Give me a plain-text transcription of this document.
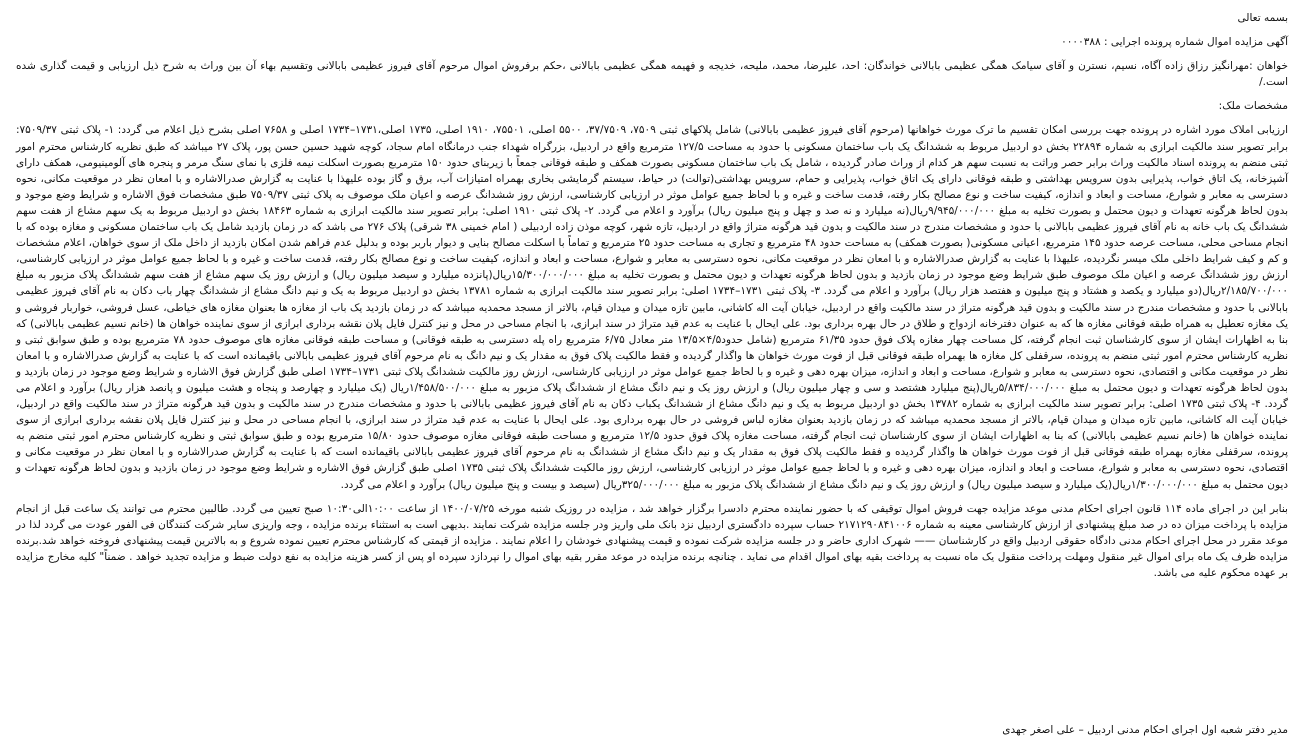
بسمه تعالی
آگهی مزایده اموال شماره پرونده اجرایی : ۰۰۰۰۳۸۸

خواهان :مهرانگیز رزاق زاده آگاه، نسیم، نسترن و آقای سیامک همگی عظیمی بابالانی خواندگان: احد، علیرضا، محمد، ملیحه، خدیجه و فهیمه همگی عظیمی بابالانی ،حکم برفروش اموال مرحوم آقای فیروز عظیمی بابالانی وتقسیم بهاء آن بین وراث به شرح ذیل ارزیابی و قیمت گذاری شده است./

مشخصات ملک:

ارزیابی املاک مورد اشاره در پرونده جهت بررسی امکان تقسیم ما ترک مورث خواهانها (مرحوم آقای فیروز عظیمی بابالانی) شامل پلاکهای ثبتی ۷۵۰۹، ۳۷/۷۵۰۹، ۵۵۰۰ اصلی، ۷۵۵۰۱، ۱۹۱۰ اصلی، ۱۷۳۵ اصلی،۱۷۳۱–۱۷۳۴ اصلی و ۷۶۵۸ اصلی بشرح ذیل اعلام می گردد: ۱- پلاک ثبتی ۷۵۰۹/۳۷: برابر تصویر سند مالکیت ابرازی به شماره ۲۲۸۹۴ بخش دو اردبیل مربوط به ششدانگ یک باب ساختمان مسکونی با حدود به مساحت ۱۲۷/۵ مترمربع واقع در اردبیل، بزرگراه شهداء جنب درمانگاه امام سجاد، کوچه شهید حسین حسن پور، پلاک ۲۷ میباشد که طبق نظریه کارشناس محترم امور ثبتی منضم به پرونده اسناد مالکیت وراث برابر حصر وراثت به نسبت سهم هر کدام از وراث صادر گردیده ، شامل یک باب ساختمان مسکونی بصورت همکف و طبقه فوقانی جمعاً با زیربنای حدود ۱۵۰ مترمربع بصورت اسکلت نیمه فلزی با نمای سنگ مرمر و پنجره های آلومینیومی، همکف دارای آشپزخانه، یک اتاق خواب، پذیرایی بدون سرویس بهداشتی و طبقه فوقانی دارای یک اتاق خواب، پذیرایی و حمام، سرویس بهداشتی(توالت) در حیاط، سیستم گرمایشی بخاری بهمراه امتیازات آب، برق و گاز بوده علیهذا با عنایت به گزارش صدرالاشاره و با امعان نظر در موقعیت مکانی، نحوه دسترسی به معابر و شوارع، مساحت و ابعاد و اندازه، کیفیت ساخت و نوع مصالح بکار رفته، قدمت ساخت و غیره و با لحاظ جمیع عوامل موثر در ارزیابی کارشناسی، ارزش روز ششدانگ عرصه و اعیان ملک موصوف به پلاک ثبتی ۷۵۰۹/۳۷ طبق مشخصات فوق الاشاره و شرایط وضع موجود و بدون لحاظ هرگونه تعهدات و دیون محتمل و بصورت تخلیه به مبلغ ۹/۹۴۵/۰۰۰/۰۰۰ریال(نه میلیارد و نه صد و چهل و پنج میلیون ریال) برآورد و اعلام می گردد. ۲- پلاک ثبتی ۱۹۱۰ اصلی: برابر تصویر سند مالکیت ابرازی به شماره ۱۸۴۶۳ بخش دو اردبیل مربوط به یک سهم مشاع از هفت سهم ششدانگ یک باب خانه به نام آقای فیروز عظیمی بابالانی با حدود و مشخصات مندرج در سند مالکیت و بدون قید هرگونه متراژ واقع در اردبیل، تازه شهر، کوچه موذن زاده اردبیلی ( امام خمینی ۳۸ شرقی) پلاک ۲۷۶ می باشد که در زمان بازدید شامل یک باب ساختمان مسکونی و مغازه بوده که با انجام مساحی محلی، مساحت عرصه حدود ۱۴۵ مترمربع، اعیانی مسکونی( بصورت همکف) به مساحت حدود ۴۸ مترمربع و تجاری به مساحت حدود ۲۵ مترمربع و تماماً با اسکلت مصالح بنایی و دیوار باربر بوده و بدلیل عدم فراهم شدن امکان بازدید از داخل ملک از سوی خواهان، اعلام مشخصات و کم و کیف شرایط داخلی ملک میسر نگردیده، علیهذا با عنایت به گزارش صدرالاشاره و با امعان نظر در موقعیت مکانی، نحوه دسترسی به معابر و شوارع، مساحت و ابعاد و اندازه، کیفیت ساخت و نوع مصالح بکار رفته، قدمت ساخت و غیره و با لحاظ جمیع عوامل موثر در ارزیابی کارشناسی، ارزش روز ششدانگ عرصه و اعیان ملک موصوف طبق شرایط وضع موجود در زمان بازدید و بدون لحاظ هرگونه تعهدات و دیون محتمل و بصورت تخلیه به مبلغ ۱۵/۳۰۰/۰۰۰/۰۰۰ریال(پانزده میلیارد و سیصد میلیون ریال) و ارزش روز یک سهم مشاع از هفت سهم ششدانگ پلاک مزبور به مبلغ ۲/۱۸۵/۷۰۰/۰۰۰ریال(دو میلیارد و یکصد و هشتاد و پنج میلیون و هفتصد هزار ریال) برآورد و اعلام می گردد. ۳- پلاک ثبتی ۱۷۳۱–۱۷۳۴ اصلی: برابر تصویر سند مالکیت ابرازی به شماره ۱۳۷۸۱ بخش دو اردبیل مربوط به یک و نیم دانگ مشاع از ششدانگ چهار باب دکان به نام آقای فیروز عظیمی بابالانی با حدود و مشخصات مندرج در سند مالکیت و بدون قید هرگونه متراژ در سند مالکیت واقع در اردبیل، خیابان آیت اله کاشانی، مابین تازه میدان و میدان قیام، بالاتر از مسجد محمدیه میباشد که در زمان بازدید یک باب از مغازه ها بعنوان مغازه های خیاطی، عسل فروشی، خواربار فروشی و یک مغازه تعطیل به همراه طبقه فوقانی مغازه ها که به عنوان دفترخانه ازدواج و طلاق در حال بهره برداری بود. علی ایحال با عنایت به عدم قید متراژ در سند ابرازی، با انجام مساحی در محل و نیز کنترل فایل پلان نقشه برداری ابرازی از سوی نماینده خواهان ها (خانم نسیم عظیمی بابالانی) که بنا به اظهارات ایشان از سوی کارشناسان ثبت انجام گرفته، کل مساحت چهار مغازه پلاک فوق حدود ۶۱/۳۵ مترمربع (شامل حدود۴/۵×۱۳/۵ متر معادل ۶/۷۵ مترمربع راه پله دسترسی به طبقه فوقانی) و مساحت طبقه فوقانی مغازه های موصوف حدود ۷۸ مترمربع بوده و طبق سوابق ثبتی و نظریه کارشناس محترم امور ثبتی منضم به پرونده، سرقفلی کل مغازه ها بهمراه طبقه فوقانی قبل از فوت مورث خواهان ها واگذار گردیده و فقط مالکیت پلاک فوق به مقدار یک و نیم دانگ به نام مرحوم آقای فیروز عظیمی بابالانی باقیمانده است که با عنایت به گزارش صدرالاشاره و با امعان نظر در موقعیت مکانی و اقتصادی، نحوه دسترسی به معابر و شوارع، مساحت و ابعاد و اندازه، میزان بهره دهی و غیره و با لحاظ جمیع عوامل موثر در ارزیابی کارشناسی، ارزش روز مالکیت ششدانگ پلاک ثبتی ۱۷۳۱–۱۷۳۴ اصلی طبق گزارش فوق الاشاره و شرایط وضع موجود در زمان بازدید و بدون لحاظ هرگونه تعهدات و دیون محتمل به مبلغ ۵/۸۳۴/۰۰۰/۰۰۰ریال(پنج میلیارد هشتصد و سی و چهار میلیون ریال) و ارزش روز یک و نیم دانگ مشاع از ششدانگ پلاک مزبور به مبلغ ۱/۴۵۸/۵۰۰/۰۰۰ریال (یک میلیارد و چهارصد و پنجاه و هشت میلیون و پانصد هزار ریال) برآورد و اعلام می گردد. ۴- پلاک ثبتی ۱۷۳۵ اصلی: برابر تصویر سند مالکیت ابرازی به شماره ۱۳۷۸۲ بخش دو اردبیل مربوط به یک و نیم دانگ مشاع از ششدانگ یکباب دکان به نام آقای فیروز عظیمی بابالانی با حدود و مشخصات مندرج در سند مالکیت و بدون قید هرگونه متراژ در سند مالکیت واقع در اردبیل، خیابان آیت اله کاشانی، مابین تازه میدان و میدان قیام، بالاتر از مسجد محمدیه میباشد که در زمان بازدید بعنوان مغازه لباس فروشی در حال بهره برداری بود. علی ایحال با عنایت به عدم قید متراژ در سند ابرازی، با انجام مساحی در محل و نیز کنترل فایل پلان نقشه برداری ابرازی از سوی نماینده خواهان ها (خانم نسیم عظیمی بابالانی) که بنا به اظهارات ایشان از سوی کارشناسان ثبت انجام گرفته، مساحت مغازه پلاک فوق حدود ۱۲/۵ مترمربع و مساحت طبقه فوقانی مغازه موصوف حدود ۱۵/۸۰ مترمربع بوده و طبق سوابق ثبتی و نظریه کارشناس محترم امور ثبتی منضم به پرونده، سرقفلی مغازه بهمراه طبقه فوقانی قبل از فوت مورث خواهان ها واگذار گردیده و فقط مالکیت پلاک فوق به مقدار یک و نیم دانگ مشاع از ششدانگ به نام مرحوم آقای فیروز عظیمی بابالانی باقیمانده است که با عنایت به گزارش صدرالاشاره و با امعان نظر در موقعیت مکانی و اقتصادی، نحوه دسترسی به معابر و شوارع، مساحت و ابعاد و اندازه، میزان بهره دهی و غیره و با لحاظ جمیع عوامل موثر در ارزیابی کارشناسی، ارزش روز مالکیت ششدانگ پلاک ثبتی ۱۷۳۵ اصلی طبق گزارش فوق الاشاره و شرایط وضع موجود در زمان بازدید و بدون لحاظ هرگونه تعهدات و دیون محتمل به مبلغ ۱/۳۰۰/۰۰۰/۰۰۰ریال(یک میلیارد و سیصد میلیون ریال) و ارزش روز یک و نیم دانگ مشاع از ششدانگ پلاک مزبور به مبلغ ۳۲۵/۰۰۰/۰۰۰ریال (سیصد و بیست و پنج میلیون ریال) برآورد و اعلام می گردد.

بنابر این در اجرای ماده ۱۱۴ قانون اجرای احکام مدنی موعد مزایده جهت فروش اموال توقیفی که با حضور نماینده محترم دادسرا برگزار خواهد شد ، مزایده در روزیک شنبه مورخه ۱۴۰۰/۰۷/۲۵ از ساعت ۱۰:۰۰الی۱۰:۳۰ صبح تعیین می گردد. طالبین محترم می توانند یک ساعت قبل از انجام مزایده با پرداخت میزان ده در صد مبلغ پیشنهادی از ارزش کارشناسی معینه به شماره ۲۱۷۱۲۹۰۸۴۱۰۰۶ حساب سپرده دادگستری اردبیل نزد بانک ملی واریز ودر جلسه مزایده شرکت نمایند .بدیهی است به استثناء برنده مزایده ، وجه واریزی سایر شرکت کنندگان فی الفور عودت می گردد لذا در موعد مقرر در محل اجرای احکام مدنی دادگاه حقوقی اردبیل واقع در کارشناسان —— شهرک اداری حاضر و در جلسه مزایده شرکت نموده و قیمت پیشنهادی خودشان را اعلام نمایند . مزایده از قیمتی که کارشناس محترم تعیین نموده شروع و به بالاترین قیمت پیشنهادی فروخته خواهد شد.برنده مزایده ظرف یک ماه برای اموال غیر منقول ومهلت پرداخت منقول یک ماه نسبت به پرداخت بقیه بهای اموال اقدام می نماید . چنانچه برنده مزایده در موعد مقرر بقیه بهای اموال را نپردازد سپرده او پس از کسر هزینه مزایده به نفع دولت ضبط و مزایده تجدید خواهد . ضمناً" کلیه مخارج مزایده بر عهده محکوم علیه می باشد.

مدیر دفتر شعبه اول اجرای احکام مدنی اردبیل – علی اصغر جهدی
